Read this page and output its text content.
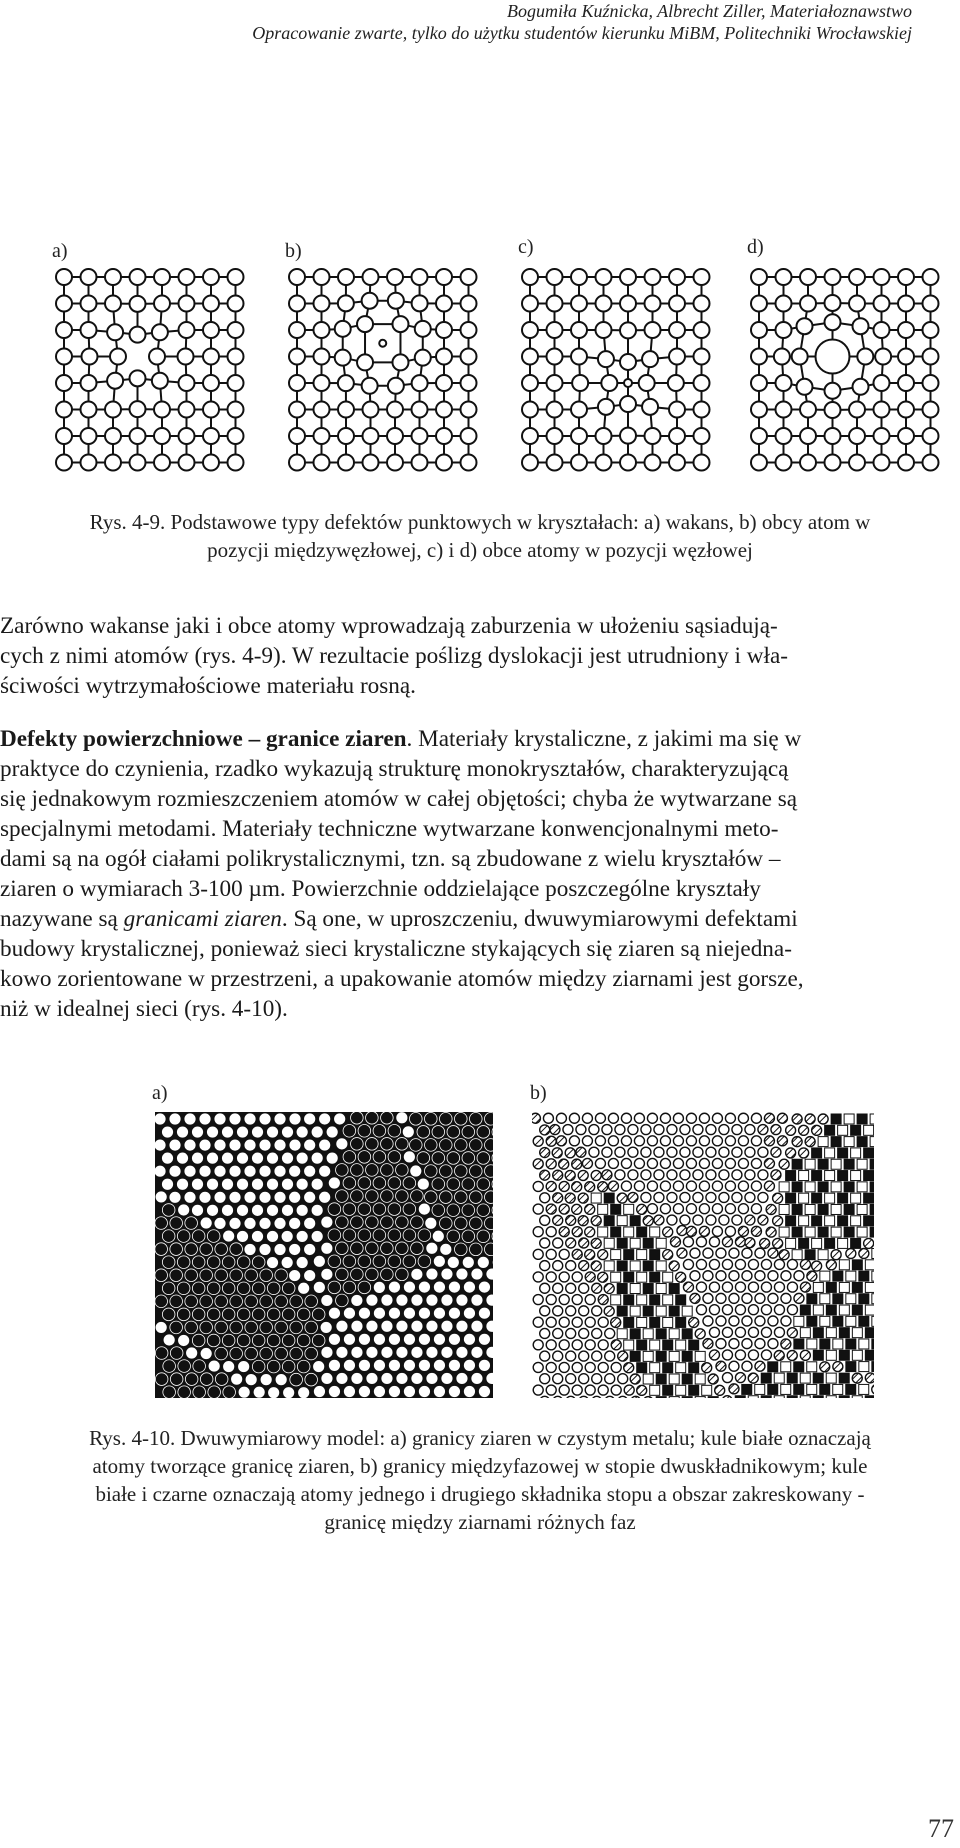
Bogumiła Kuźnicka, Albrecht Ziller, Materiałoznawstwo
Opracowanie zwarte, tylko do użytku studentów kierunku MiBM, Politechniki Wrocławskiej
a)	b)	c)	d)
Rys. 4-9. Podstawowe typy defektów punktowych w kryształach: a) wakans, b) obcy atom w
pozycji międzywęzłowej, c) i d) obce atomy w pozycji węzłowej
Zarówno wakanse jaki i obce atomy wprowadzają zaburzenia w ułożeniu sąsiadują-
cych z nimi atomów (rys. 4-9). W rezultacie poślizg dyslokacji jest utrudniony i wła-
ściwości wytrzymałościowe materiału rosną.
Defekty powierzchniowe – granice ziaren. Materiały krystaliczne, z jakimi ma się w
praktyce do czynienia, rzadko wykazują strukturę monokryształów, charakteryzującą
się jednakowym rozmieszczeniem atomów w całej objętości; chyba że wytwarzane są
specjalnymi metodami. Materiały techniczne wytwarzane konwencjonalnymi meto-
dami są na ogół ciałami polikrystalicznymi, tzn. są zbudowane z wielu kryształów –
ziaren o wymiarach 3-100 µm. Powierzchnie oddzielające poszczególne kryształy
nazywane są granicami ziaren. Są one, w uproszczeniu, dwuwymiarowymi defektami
budowy krystalicznej, ponieważ sieci krystaliczne stykających się ziaren są niejedna-
kowo zorientowane w przestrzeni, a upakowanie atomów między ziarnami jest gorsze,
niż w idealnej sieci (rys. 4-10).
a)	b)
Rys. 4-10. Dwuwymiarowy model: a) granicy ziaren w czystym metalu; kule białe oznaczają
atomy tworzące granicę ziaren, b) granicy międzyfazowej w stopie dwuskładnikowym; kule
białe i czarne oznaczają atomy jednego i drugiego składnika stopu a obszar zakreskowany -
granicę między ziarnami różnych faz
77
